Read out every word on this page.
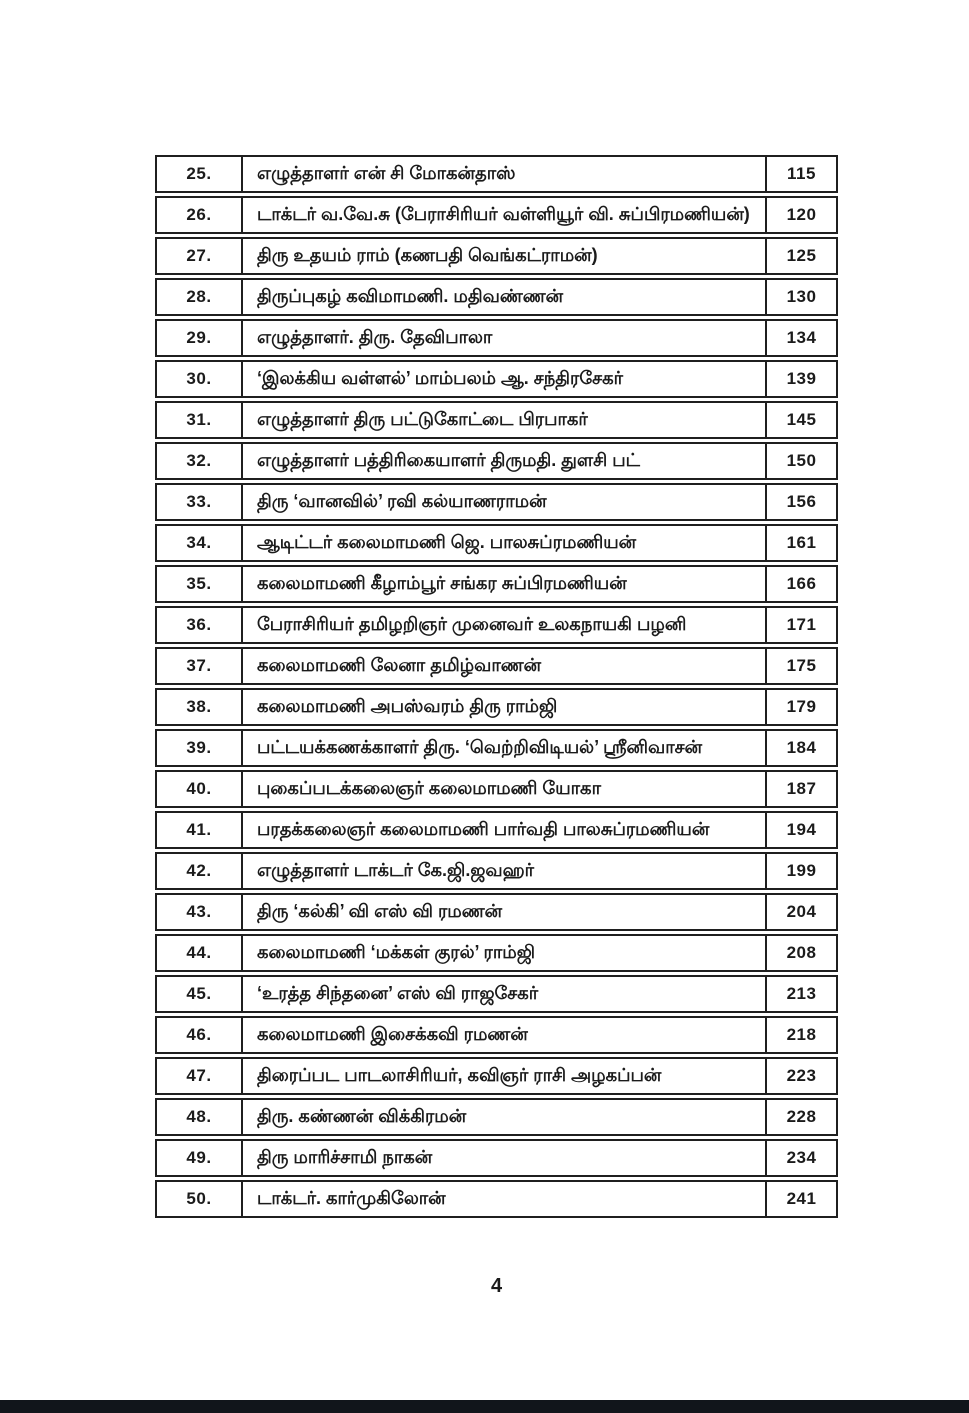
25.	எழுத்தாளர் என் சி மோகன்தாஸ்	115
26.	டாக்டர் வ.வே.சு (பேராசிரியர் வள்ளியூர் வி. சுப்பிரமணியன்)	120
27.	திரு உதயம் ராம் (கணபதி வெங்கட்ராமன்)	125
28.	திருப்புகழ் கவிமாமணி. மதிவண்ணன்	130
29.	எழுத்தாளர். திரு. தேவிபாலா	134
30.	‘இலக்கிய வள்ளல்’ மாம்பலம் ஆ. சந்திரசேகர்	139
31.	எழுத்தாளர் திரு பட்டுகோட்டை பிரபாகர்	145
32.	எழுத்தாளர் பத்திரிகையாளர் திருமதி. துளசி பட்	150
33.	திரு ‘வானவில்’ ரவி கல்யாணராமன்	156
34.	ஆடிட்டர் கலைமாமணி ஜெ. பாலசுப்ரமணியன்	161
35.	கலைமாமணி கீழாம்பூர் சங்கர சுப்பிரமணியன்	166
36.	பேராசிரியர் தமிழறிஞர் முனைவர் உலகநாயகி பழனி	171
37.	கலைமாமணி லேனா தமிழ்வாணன்	175
38.	கலைமாமணி அபஸ்வரம் திரு ராம்ஜி	179
39.	பட்டயக்கணக்காளர் திரு. ‘வெற்றிவிடியல்’ ஸ்ரீனிவாசன்	184
40.	புகைப்படக்கலைஞர் கலைமாமணி யோகா	187
41.	பரதக்கலைஞர் கலைமாமணி பார்வதி பாலசுப்ரமணியன்	194
42.	எழுத்தாளர் டாக்டர் கே.ஜி.ஜவஹர்	199
43.	திரு ‘கல்கி’ வி எஸ் வி ரமணன்	204
44.	கலைமாமணி ‘மக்கள் குரல்’ ராம்ஜி	208
45.	‘உரத்த சிந்தனை’ எஸ் வி ராஜசேகர்	213
46.	கலைமாமணி இசைக்கவி ரமணன்	218
47.	திரைப்பட பாடலாசிரியர், கவிஞர் ராசி அழகப்பன்	223
48.	திரு. கண்ணன் விக்கிரமன்	228
49.	திரு மாரிச்சாமி நாகன்	234
50.	டாக்டர். கார்முகிலோன்	241
4
